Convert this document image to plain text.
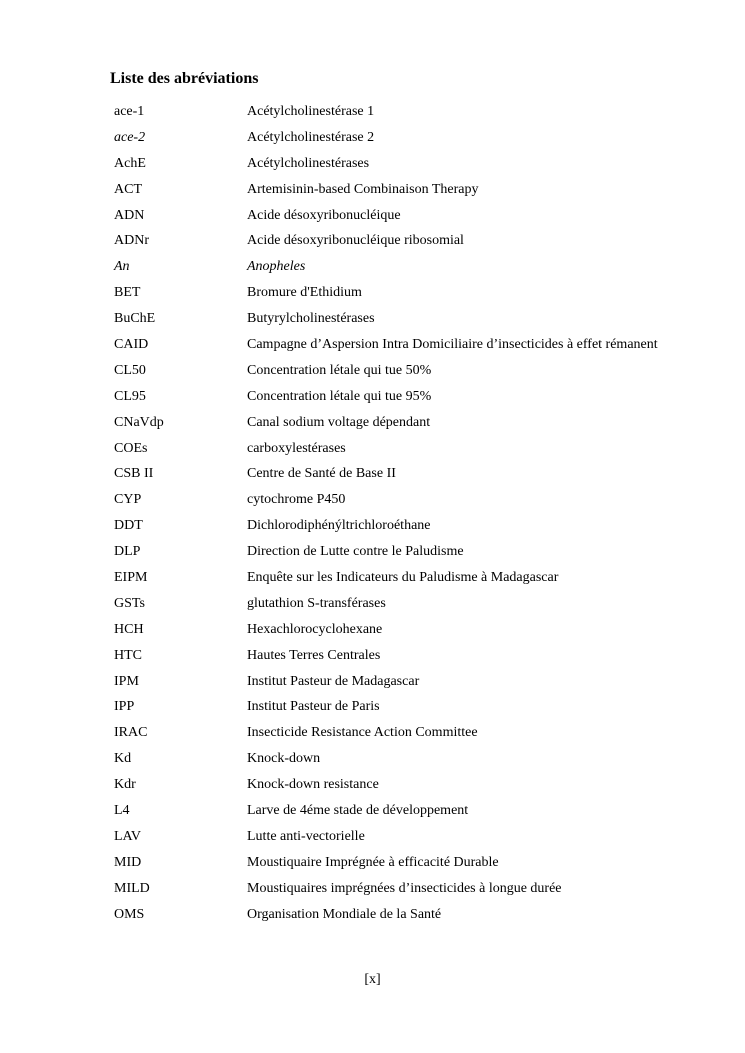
Liste des abréviations
ace-1	Acétylcholinestérase 1
ace-2	Acétylcholinestérase 2
AchE	Acétylcholinestérases
ACT	Artemisinin-based Combinaison Therapy
ADN	Acide désoxyribonucléique
ADNr	Acide désoxyribonucléique ribosomial
An	Anopheles
BET	Bromure d'Ethidium
BuChE	Butyrylcholinestérases
CAID	Campagne d’Aspersion Intra Domiciliaire d’insecticides à effet rémanent
CL50	Concentration létale qui tue 50%
CL95	Concentration létale qui tue 95%
CNaVdp	Canal sodium voltage dépendant
COEs	carboxylestérases
CSB II	Centre de Santé de Base II
CYP	cytochrome P450
DDT	Dichlorodiphénýltrichloroéthane
DLP	Direction de Lutte contre le Paludisme
EIPM	Enquête sur les Indicateurs du Paludisme à Madagascar
GSTs	glutathion S-transférases
HCH	Hexachlorocyclohexane
HTC	Hautes Terres Centrales
IPM	Institut Pasteur de Madagascar
IPP	Institut Pasteur de Paris
IRAC	Insecticide Resistance Action Committee
Kd	Knock-down
Kdr	Knock-down resistance
L4	Larve de 4éme stade de développement
LAV	Lutte anti-vectorielle
MID	Moustiquaire Imprégnée à efficacité Durable
MILD	Moustiquaires imprégnées d’insecticides à longue durée
OMS	Organisation Mondiale de la Santé
[x]
